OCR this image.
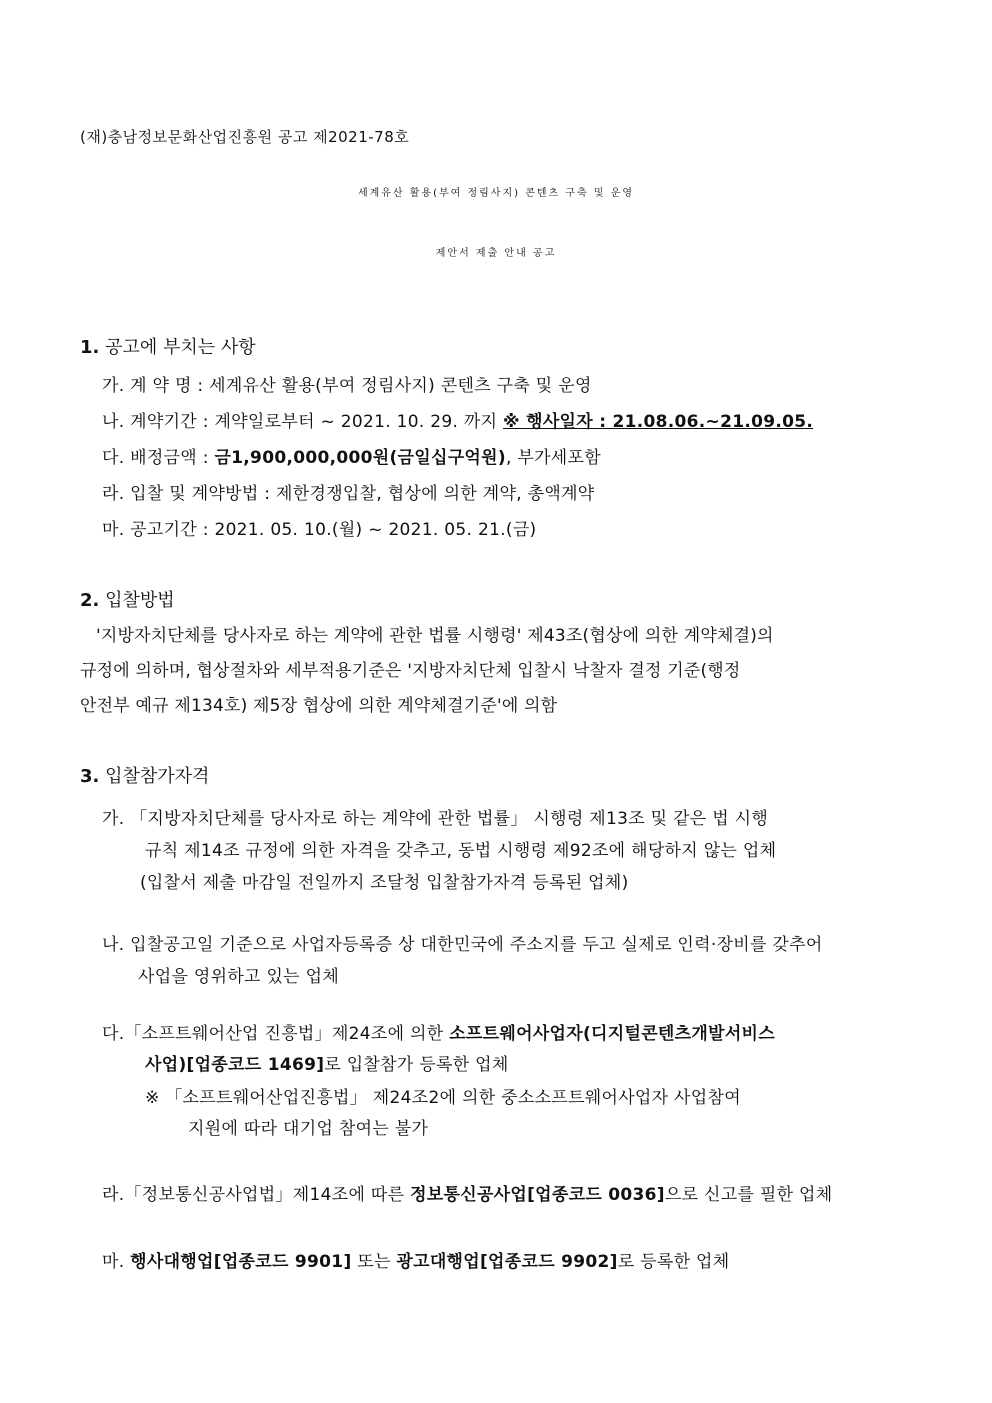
(재)충남정보문화산업진흥원 공고 제2021-78호
세계유산 활용(부여 정림사지) 콘텐츠 구축 및 운영
제안서 제출 안내 공고
1. 공고에 부치는 사항
가. 계 약 명 : 세계유산 활용(부여 정림사지) 콘텐츠 구축 및 운영
나. 계약기간 : 계약일로부터 ~ 2021. 10. 29. 까지 ※ 행사일자 : 21.08.06.~21.09.05.
다. 배정금액 : 금1,900,000,000원(금일십구억원), 부가세포함
라. 입찰 및 계약방법 : 제한경쟁입찰, 협상에 의한 계약, 총액계약
마. 공고기간 : 2021. 05. 10.(월) ~ 2021. 05. 21.(금)
2. 입찰방법
'지방자치단체를 당사자로 하는 계약에 관한 법률 시행령' 제43조(협상에 의한 계약체결)의
규정에 의하며, 협상절차와 세부적용기준은 '지방자치단체 입찰시 낙찰자 결정 기준(행정
안전부 예규 제134호) 제5장 협상에 의한 계약체결기준'에 의함
3. 입찰참가자격
가. 「지방자치단체를 당사자로 하는 계약에 관한 법률」 시행령 제13조 및 같은 법 시행
규칙 제14조 규정에 의한 자격을 갖추고, 동법 시행령 제92조에 해당하지 않는 업체
(입찰서 제출 마감일 전일까지 조달청 입찰참가자격 등록된 업체)
나. 입찰공고일 기준으로 사업자등록증 상 대한민국에 주소지를 두고 실제로 인력·장비를 갖추어
사업을 영위하고 있는 업체
다.「소프트웨어산업 진흥법」제24조에 의한 소프트웨어사업자(디지털콘텐츠개발서비스
사업)[업종코드 1469]로 입찰참가 등록한 업체
※ 「소프트웨어산업진흥법」 제24조2에 의한 중소소프트웨어사업자 사업참여
지원에 따라 대기업 참여는 불가
라.「정보통신공사업법」제14조에 따른 정보통신공사업[업종코드 0036]으로 신고를 필한 업체
마. 행사대행업[업종코드 9901] 또는 광고대행업[업종코드 9902]로 등록한 업체
